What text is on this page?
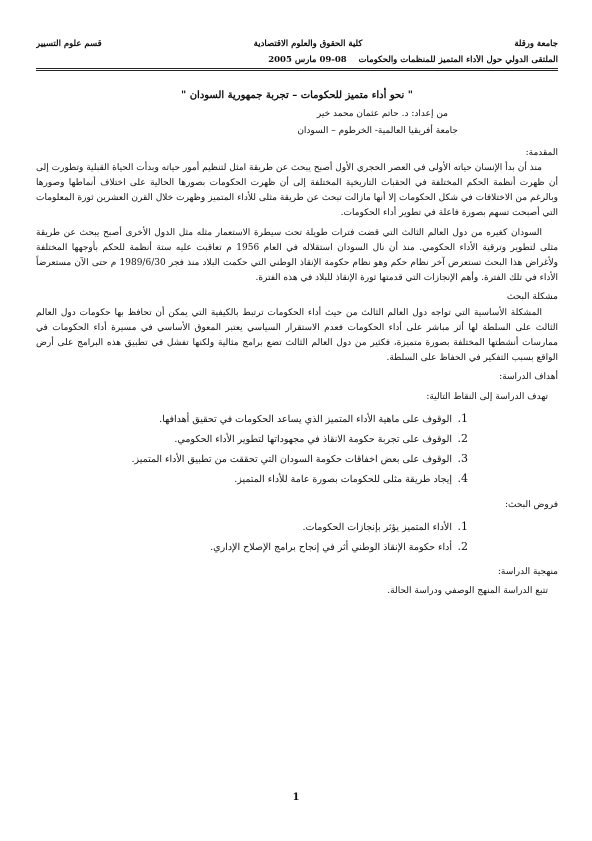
جامعة ورقلة
كلية الحقوق والعلوم الاقتصادية
قسم علوم التسيير
الملتقى الدولي حول الأداء المتميز للمنظمات والحكومات    08-09 مارس 2005

" نحو أداء متميز للحكومات – تجربة جمهورية السودان "

من إعداد: د. حاتم عثمان محمد خير

جامعة أفريقيا العالمية- الخرطوم – السودان

المقدمة:

منذ أن بدأ الإنسان حياته الأولى في العصر الحجري الأول أصبح يبحث عن طريقة امثل لتنظيم أمور حياته وبدأت الحياة القبلية وتطورت إلى أن ظهرت أنظمة الحكم المختلفة في الحقبات التاريخية المختلفة إلى أن ظهرت الحكومات بصورها الحالية على اختلاف أنماطها وصورها وبالرغم من الاختلافات في شكل الحكومات إلا أنها مازالت تبحث عن طريقة مثلى للأداء المتميز وظهرت خلال القرن العشرين ثورة المعلومات التي أصبحت تسهم بصورة فاعلة في تطوير أداء الحكومات.

السودان كغيره من دول العالم الثالث التي قضت فترات طويلة تحت سيطرة الاستعمار مثله مثل الدول الأخرى أصبح يبحث عن طريقة مثلى لتطوير وترقية الأداء الحكومي. منذ أن نال السودان استقلاله في العام 1956 م تعاقبت عليه ستة أنظمة للحكم بأوجهها المختلفة ولأغراض هذا البحث تستعرض آخر نظام حكم وهو نظام حكومة الإنقاذ الوطني التي حكمت البلاد منذ فجر 1989/6/30 م حتى الآن مستعرضاً الأداء في تلك الفترة. وأهم الإنجازات التي قدمتها ثورة الإنقاذ للبلاد في هذه الفترة.

مشكلة البحث

المشكلة الأساسية التي تواجه دول العالم الثالث من حيث أداء الحكومات ترتبط بالكيفية التي يمكن أن تحافظ بها حكومات دول العالم الثالث على السلطة لها أثر مباشر على أداء الحكومات فعدم الاستقرار السياسي يعتبر المعوق الأساسي في مسيرة أداء الحكومات في ممارسات أنشطتها المختلفة بصورة متميزة، فكثير من دول العالم الثالث تضع برامج مثالية ولكنها تفشل في تطبيق هذه البرامج على أرض الواقع بسبب التفكير في الحفاظ على السلطة.

أهداف الدراسة:

تهدف الدراسة إلى النقاط التالية:

1.
الوقوف على ماهية الأداء المتميز الذي يساعد الحكومات في تحقيق أهدافها.
2.
الوقوف على تجربة حكومة الانقاذ في مجهوداتها لتطوير الأداء الحكومي.
3.
الوقوف على بعض اخفاقات حكومة السودان التي تحققت من تطبيق الأداء المتميز.
4.
إيجاد طريقة مثلى للحكومات بصورة عامة للأداء المتميز.

فروض البحث:

1.
الأداء المتميز يؤثر بإنجازات الحكومات.
2.
أداء حكومة الإنقاذ الوطني أثر في إنجاح برامج الإصلاح الإداري.

منهجية الدراسة:

تتبع الدراسة المنهج الوصفي ودراسة الحالة.

1
